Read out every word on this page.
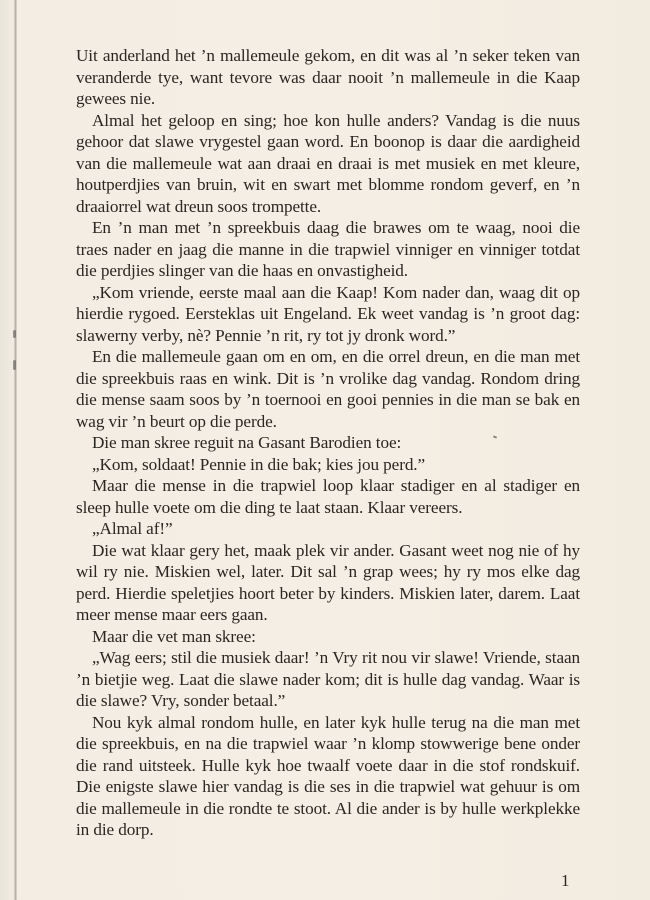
Uit anderland het ’n mallemeule gekom, en dit was al ’n seker teken van veranderde tye, want tevore was daar nooit ’n mallemeule in die Kaap gewees nie.

Almal het geloop en sing; hoe kon hulle anders? Vandag is die nuus gehoor dat slawe vrygestel gaan word. En boonop is daar die aardigheid van die mallemeule wat aan draai en draai is met musiek en met kleure, houtperdjies van bruin, wit en swart met blomme rondom geverf, en ’n draaiorrel wat dreun soos trompette.

En ’n man met ’n spreekbuis daag die brawes om te waag, nooi die traes nader en jaag die manne in die trapwiel vinniger en vinniger totdat die perdjies slinger van die haas en onvastigheid.

„Kom vriende, eerste maal aan die Kaap! Kom nader dan, waag dit op hierdie rygoed. Eersteklas uit Engeland. Ek weet vandag is ’n groot dag: slawerny verby, nè? Pennie ’n rit, ry tot jy dronk word.”

En die mallemeule gaan om en om, en die orrel dreun, en die man met die spreekbuis raas en wink. Dit is ’n vrolike dag vandag. Rondom dring die mense saam soos by ’n toernooi en gooi pennies in die man se bak en wag vir ’n beurt op die perde.

Die man skree reguit na Gasant Barodien toe:

„Kom, soldaat! Pennie in die bak; kies jou perd.”

Maar die mense in die trapwiel loop klaar stadiger en al stadiger en sleep hulle voete om die ding te laat staan. Klaar vereers.

„Almal af!”

Die wat klaar gery het, maak plek vir ander. Gasant weet nog nie of hy wil ry nie. Miskien wel, later. Dit sal ’n grap wees; hy ry mos elke dag perd. Hierdie speletjies hoort beter by kinders. Miskien later, darem. Laat meer mense maar eers gaan.

Maar die vet man skree:

„Wag eers; stil die musiek daar! ’n Vry rit nou vir slawe! Vriende, staan ’n bietjie weg. Laat die slawe nader kom; dit is hulle dag vandag. Waar is die slawe? Vry, sonder betaal.”

Nou kyk almal rondom hulle, en later kyk hulle terug na die man met die spreekbuis, en na die trapwiel waar ’n klomp stowwerige bene onder die rand uitsteek. Hulle kyk hoe twaalf voete daar in die stof rondskuif. Die enigste slawe hier vandag is die ses in die trapwiel wat gehuur is om die mallemeule in die rondte te stoot. Al die ander is by hulle werkplekke in die dorp.

1
